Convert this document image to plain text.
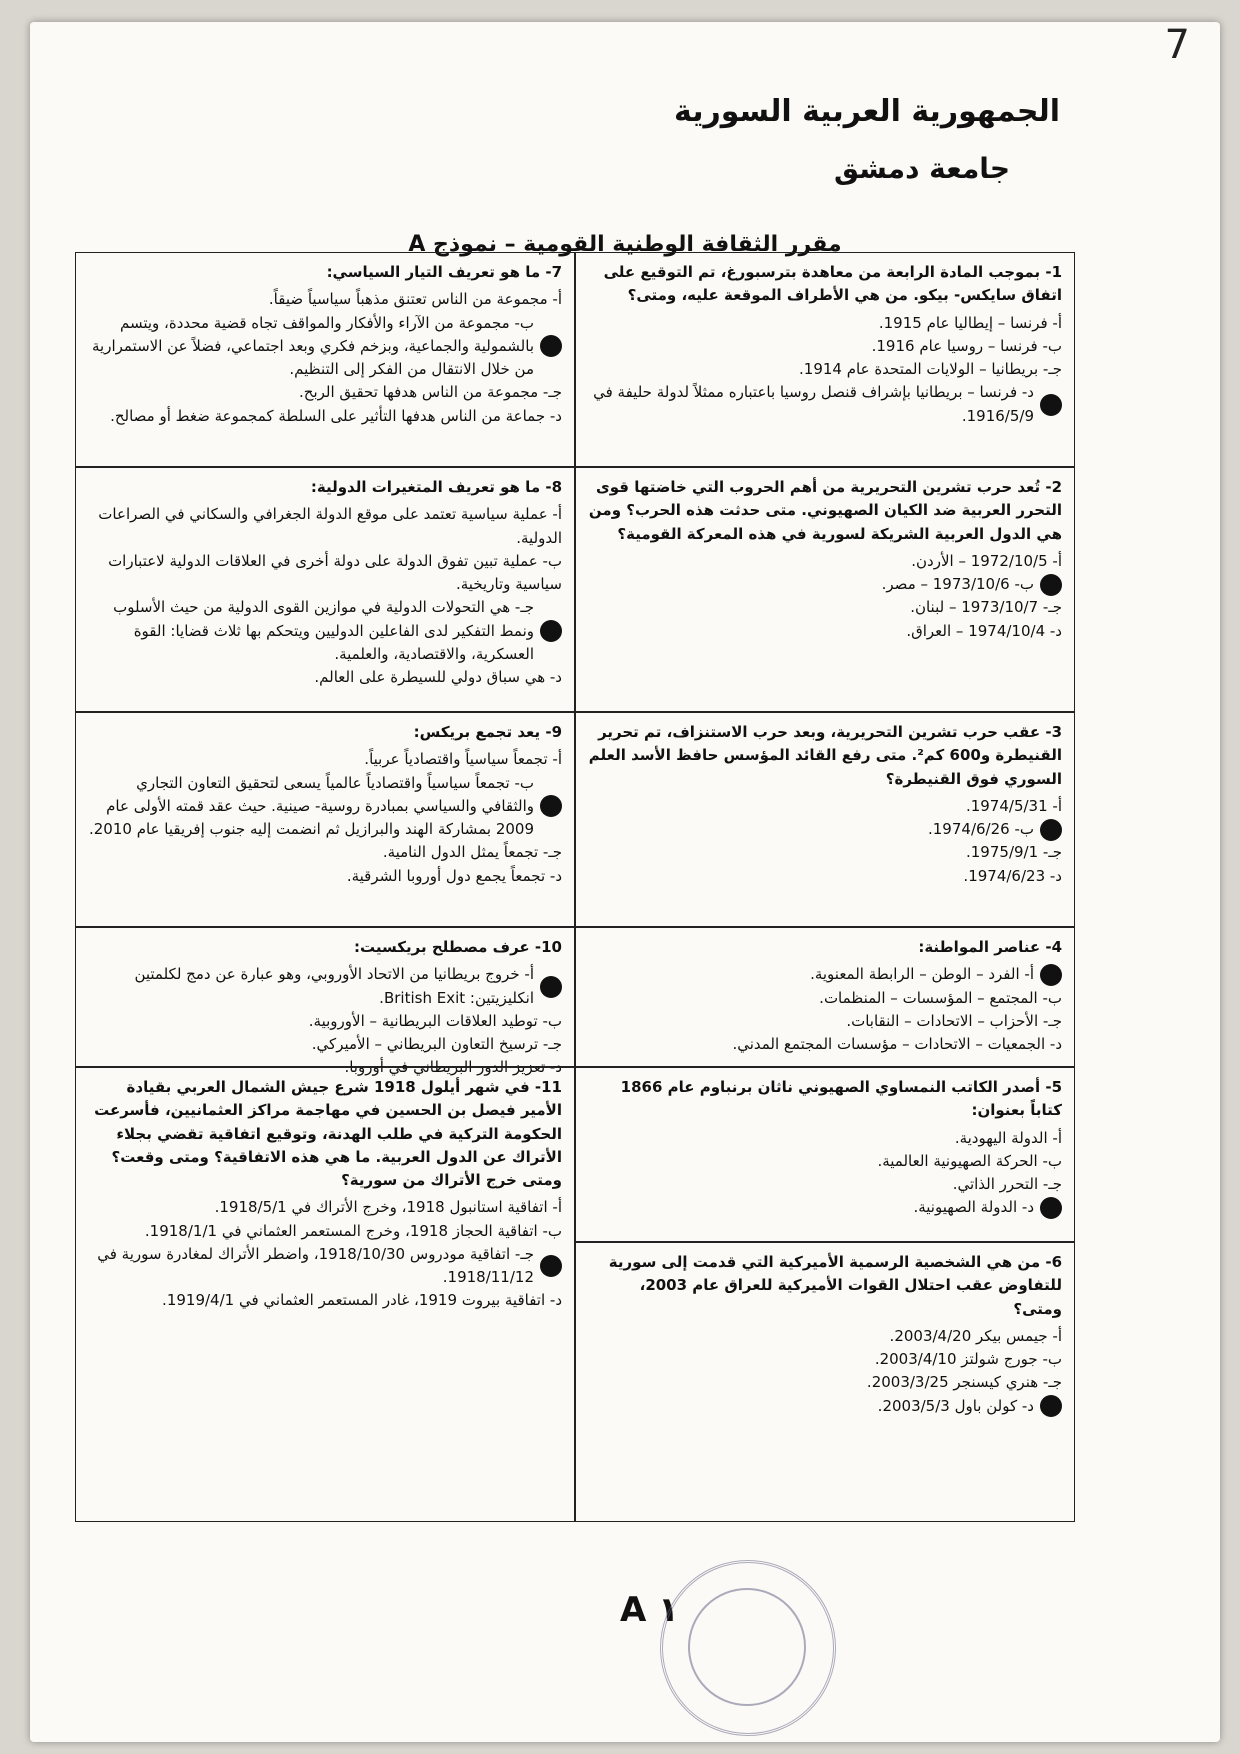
7
الجمهورية العربية السورية
جامعة دمشق
مقرر الثقافة الوطنية القومية – نموذج A
1- بموجب المادة الرابعة من معاهدة بترسبورغ، تم التوقيع على اتفاق سايكس- بيكو. من هي الأطراف الموقعة عليه، ومتى؟
أ- فرنسا – إيطاليا عام 1915.
ب- فرنسا – روسيا عام 1916.
جـ- بريطانيا – الولايات المتحدة عام 1914.
د- فرنسا – بريطانيا بإشراف قنصل روسيا باعتباره ممثلاً لدولة حليفة في 1916/5/9.
2- تُعد حرب تشرين التحريرية من أهم الحروب التي خاضتها قوى التحرر العربية ضد الكيان الصهيوني. متى حدثت هذه الحرب؟ ومن هي الدول العربية الشريكة لسورية في هذه المعركة القومية؟
أ- 1972/10/5 – الأردن.
ب- 1973/10/6 – مصر.
جـ- 1973/10/7 – لبنان.
د- 1974/10/4 – العراق.
3- عقب حرب تشرين التحريرية، وبعد حرب الاستنزاف، تم تحرير القنيطرة و600 كم². متى رفع القائد المؤسس حافظ الأسد العلم السوري فوق القنيطرة؟
أ- 1974/5/31.
ب- 1974/6/26.
جـ- 1975/9/1.
د- 1974/6/23.
4- عناصر المواطنة:
أ- الفرد – الوطن – الرابطة المعنوية.
ب- المجتمع – المؤسسات – المنظمات.
جـ- الأحزاب – الاتحادات – النقابات.
د- الجمعيات – الاتحادات – مؤسسات المجتمع المدني.
5- أصدر الكاتب النمساوي الصهيوني ناثان برنباوم عام 1866 كتاباً بعنوان:
أ- الدولة اليهودية.
ب- الحركة الصهيونية العالمية.
جـ- التحرر الذاتي.
د- الدولة الصهيونية.
6- من هي الشخصية الرسمية الأميركية التي قدمت إلى سورية للتفاوض عقب احتلال القوات الأميركية للعراق عام 2003، ومتى؟
أ- جيمس بيكر 2003/4/20.
ب- جورج شولتز 2003/4/10.
جـ- هنري كيسنجر 2003/3/25.
د- كولن باول 2003/5/3.
7- ما هو تعريف التيار السياسي:
أ- مجموعة من الناس تعتنق مذهباً سياسياً ضيقاً.
ب- مجموعة من الآراء والأفكار والمواقف تجاه قضية محددة، ويتسم بالشمولية والجماعية، وبزخم فكري وبعد اجتماعي، فضلاً عن الاستمرارية من خلال الانتقال من الفكر إلى التنظيم.
جـ- مجموعة من الناس هدفها تحقيق الربح.
د- جماعة من الناس هدفها التأثير على السلطة كمجموعة ضغط أو مصالح.
8- ما هو تعريف المتغيرات الدولية:
أ- عملية سياسية تعتمد على موقع الدولة الجغرافي والسكاني في الصراعات الدولية.
ب- عملية تبين تفوق الدولة على دولة أخرى في العلاقات الدولية لاعتبارات سياسية وتاريخية.
جـ- هي التحولات الدولية في موازين القوى الدولية من حيث الأسلوب ونمط التفكير لدى الفاعلين الدوليين ويتحكم بها ثلاث قضايا: القوة العسكرية، والاقتصادية، والعلمية.
د- هي سباق دولي للسيطرة على العالم.
9- يعد تجمع بريكس:
أ- تجمعاً سياسياً واقتصادياً عربياً.
ب- تجمعاً سياسياً واقتصادياً عالمياً يسعى لتحقيق التعاون التجاري والثقافي والسياسي بمبادرة روسية- صينية. حيث عقد قمته الأولى عام 2009 بمشاركة الهند والبرازيل ثم انضمت إليه جنوب إفريقيا عام 2010.
جـ- تجمعاً يمثل الدول النامية.
د- تجمعاً يجمع دول أوروبا الشرقية.
10- عرف مصطلح بريكسيت:
أ- خروج بريطانيا من الاتحاد الأوروبي، وهو عبارة عن دمج لكلمتين انكليزيتين: British Exit.
ب- توطيد العلاقات البريطانية – الأوروبية.
جـ- ترسيخ التعاون البريطاني – الأميركي.
د- تعزيز الدور البريطاني في أوروبا.
11- في شهر أيلول 1918 شرع جيش الشمال العربي بقيادة الأمير فيصل بن الحسين في مهاجمة مراكز العثمانيين، فأسرعت الحكومة التركية في طلب الهدنة، وتوقيع اتفاقية تقضي بجلاء الأتراك عن الدول العربية. ما هي هذه الاتفاقية؟ ومتى وقعت؟ ومتى خرج الأتراك من سورية؟
أ- اتفاقية استانبول 1918، وخرج الأتراك في 1918/5/1.
ب- اتفاقية الحجاز 1918، وخرج المستعمر العثماني في 1918/1/1.
جـ- اتفاقية مودروس 1918/10/30، واضطر الأتراك لمغادرة سورية في 1918/11/12.
د- اتفاقية بيروت 1919، غادر المستعمر العثماني في 1919/4/1.
A ١
